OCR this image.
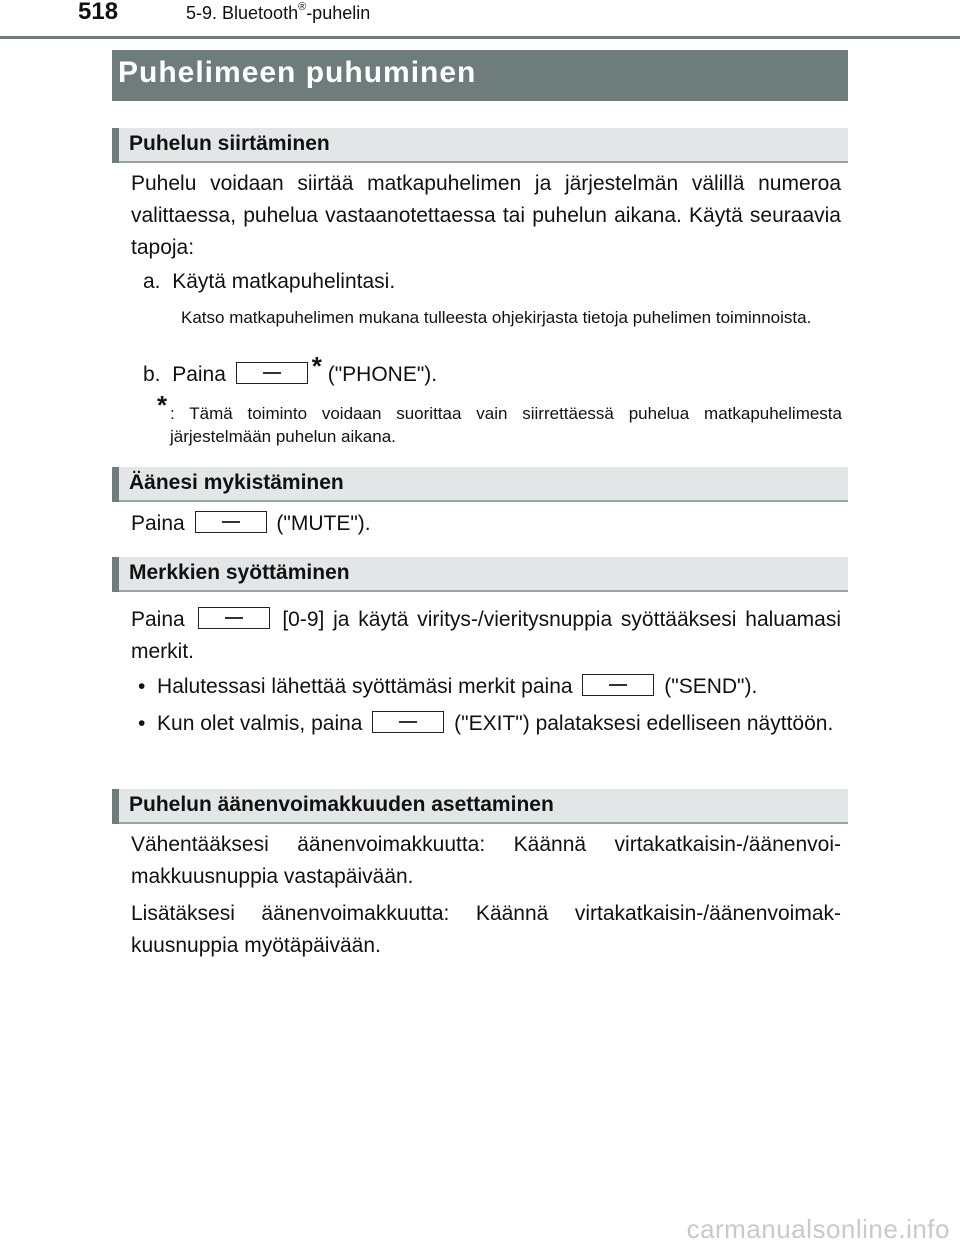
518	5-9. Bluetooth®-puhelin
Puhelimeen puhuminen
Puhelun siirtäminen
Puhelu voidaan siirtää matkapuhelimen ja järjestelmän välillä numeroa valittaessa, puhelua vastaanotettaessa tai puhelun aikana. Käytä seuraavia tapoja:
a. Käytä matkapuhelintasi.
Katso matkapuhelimen mukana tulleesta ohjekirjasta tietoja puhelimen toiminnoista.
b. Paina	* ("PHONE").
* : Tämä toiminto voidaan suorittaa vain siirrettäessä puhelua matkapuhelimesta järjestelmään puhelun aikana.
Äänesi mykistäminen
Paina	("MUTE").
Merkkien syöttäminen
Paina	[0-9] ja käytä viritys-/vieritysnuppia syöttääksesi haluamasi merkit.
•  Halutessasi lähettää syöttämäsi merkit paina	("SEND").
•  Kun olet valmis, paina	("EXIT") palataksesi edelliseen näyttöön.
Puhelun äänenvoimakkuuden asettaminen
Vähentääksesi äänenvoimakkuutta: Käännä virtakatkaisin-/äänenvoimakkuusnuppia vastapäivään.
Lisätäksesi äänenvoimakkuutta: Käännä virtakatkaisin-/äänenvoimakkuusnuppia myötäpäivään.
carmanualsonline.info
